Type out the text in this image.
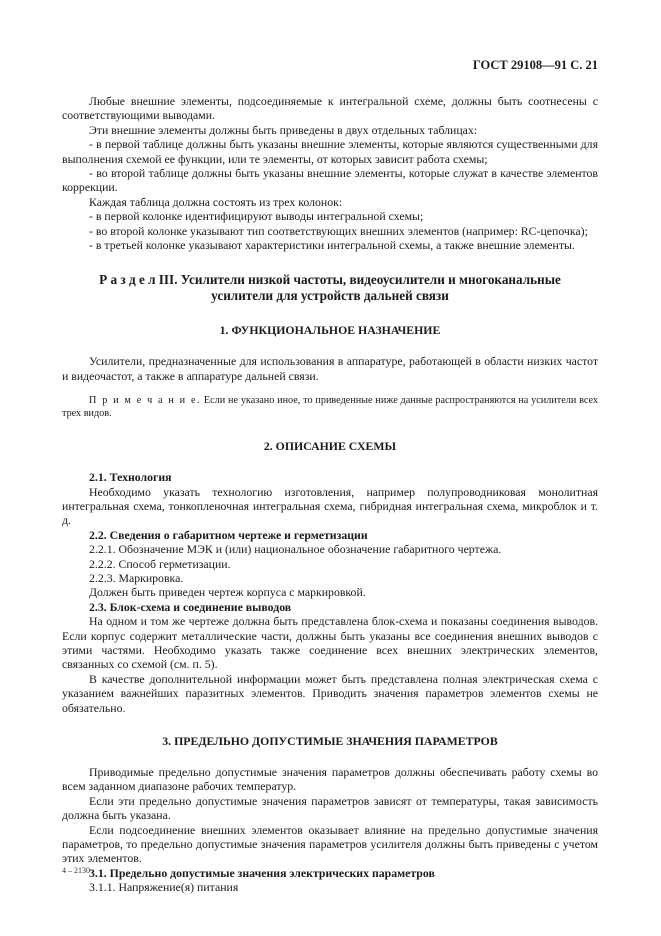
ГОСТ 29108—91 С. 21

Любые внешние элементы, подсоединяемые к интегральной схеме, должны быть соотнесены с соответствующими выводами.

Эти внешние элементы должны быть приведены в двух отдельных таблицах:

- в первой таблице должны быть указаны внешние элементы, которые являются существенными для выполнения схемой ее функции, или те элементы, от которых зависит работа схемы;

- во второй таблице должны быть указаны внешние элементы, которые служат в качестве элементов коррекции.

Каждая таблица должна состоять из трех колонок:

- в первой колонке идентифицируют выводы интегральной схемы;

- во второй колонке указывают тип соответствующих внешних элементов (например: RC-цепочка);

- в третьей колонке указывают характеристики интегральной схемы, а также внешние элементы.

Р а з д е л III. Усилители низкой частоты, видеоусилители и многоканальные
усилители для устройств дальней связи
1. ФУНКЦИОНАЛЬНОЕ НАЗНАЧЕНИЕ

Усилители, предназначенные для использования в аппаратуре, работающей в области низких частот и видеочастот, а также в аппаратуре дальней связи.

П р и м е ч а н и е. Если не указано иное, то приведенные ниже данные распространяются на усилители всех трех видов.
2. ОПИСАНИЕ СХЕМЫ

2.1. Технология

Необходимо указать технологию изготовления, например полупроводниковая монолитная интегральная схема, тонкопленочная интегральная схема, гибридная интегральная схема, микроблок и т. д.

2.2. Сведения о габаритном чертеже и герметизации

2.2.1. Обозначение МЭК и (или) национальное обозначение габаритного чертежа.

2.2.2. Способ герметизации.

2.2.3. Маркировка.

Должен быть приведен чертеж корпуса с маркировкой.

2.3. Блок-схема и соединение выводов

На одном и том же чертеже должна быть представлена блок-схема и показаны соединения выводов. Если корпус содержит металлические части, должны быть указаны все соединения внешних выводов с этими частями. Необходимо указать также соединение всех внешних электрических элементов, связанных со схемой (см. п. 5).

В качестве дополнительной информации может быть представлена полная электрическая схема с указанием важнейших паразитных элементов. Приводить значения параметров элементов схемы не обязательно.

3. ПРЕДЕЛЬНО ДОПУСТИМЫЕ ЗНАЧЕНИЯ ПАРАМЕТРОВ

Приводимые предельно допустимые значения параметров должны обеспечивать работу схемы во всем заданном диапазоне рабочих температур.

Если эти предельно допустимые значения параметров зависят от температуры, такая зависимость должна быть указана.

Если подсоединение внешних элементов оказывает влияние на предельно допустимые значения параметров, то предельно допустимые значения параметров усилителя должны быть приведены с учетом этих элементов.

3.1. Предельно допустимые значения электрических параметров

3.1.1. Напряжение(я) питания

4 – 2130
